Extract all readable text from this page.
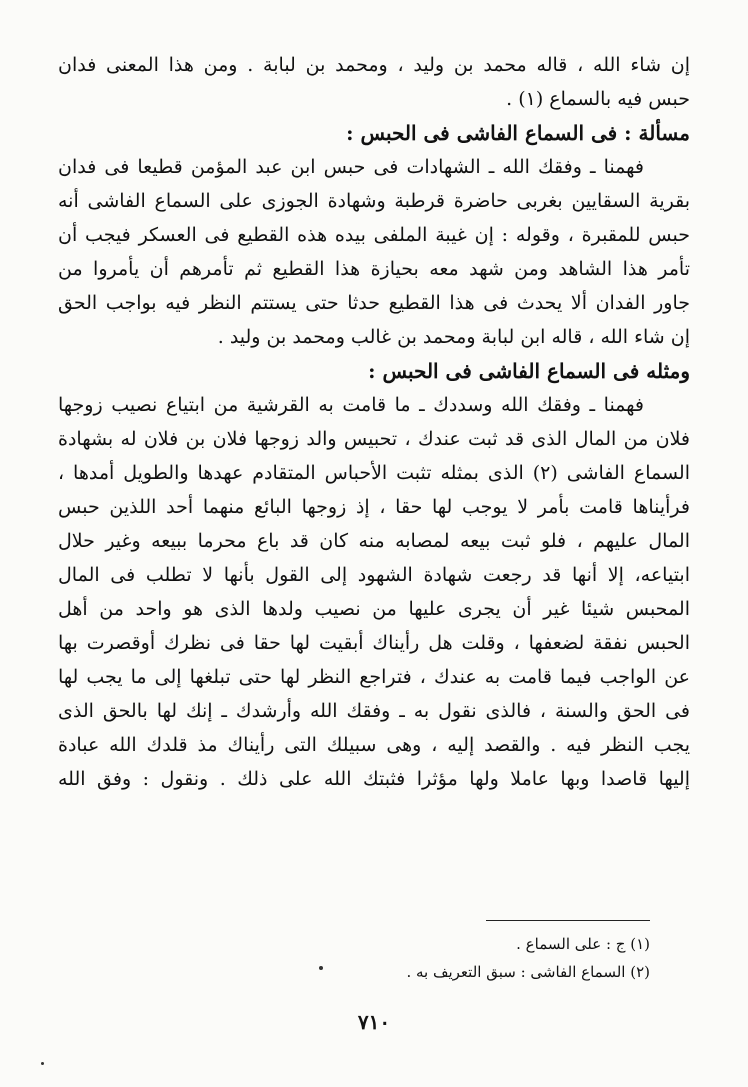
إن شاء الله ، قاله محمد بن وليد ، ومحمد بن لبابة . ومن هذا المعنى فدان
حبس فيه بالسماع (١) .
مسألة : فى السماع الفاشى فى الحبس :
فهمنا ـ وفقك الله ـ الشهادات فى حبس ابن عبد المؤمن قطيعا فى فدان
بقرية السقايين بغربى حاضرة قرطبة وشهادة الجوزى على السماع الفاشى أنه
حبس للمقبرة ، وقوله : إن غيبة الملفى بيده هذه القطيع فى العسكر فيجب أن
تأمر هذا الشاهد ومن شهد معه بحيازة هذا القطيع ثم تأمرهم أن يأمروا من
جاور الفدان ألا يحدث فى هذا القطيع حدثا حتى يستتم النظر فيه بواجب الحق
إن شاء الله ، قاله ابن لبابة ومحمد بن غالب ومحمد بن وليد .
ومثله فى السماع الفاشى فى الحبس :
فهمنا ـ وفقك الله وسددك ـ ما قامت به القرشية من ابتياع نصيب زوجها
فلان من المال الذى قد ثبت عندك ، تحبيس والد زوجها فلان بن فلان له بشهادة
السماع الفاشى (٢) الذى بمثله تثبت الأحباس المتقادم عهدها والطويل أمدها ،
فرأيناها قامت بأمر لا يوجب لها حقا ، إذ زوجها البائع منهما أحد اللذين حبس
المال عليهم ، فلو ثبت بيعه لمصابه منه كان قد باع محرما ببيعه وغير حلال
ابتياعه، إلا أنها قد رجعت شهادة الشهود إلى القول بأنها لا تطلب فى المال
المحبس شيئا غير أن يجرى عليها من نصيب ولدها الذى هو واحد من أهل
الحبس نفقة لضعفها ، وقلت هل رأيناك أبقيت لها حقا فى نظرك أوقصرت بها
عن الواجب فيما قامت به عندك ، فتراجع النظر لها حتى تبلغها إلى ما يجب لها
فى الحق والسنة ، فالذى نقول به ـ وفقك الله وأرشدك ـ إنك لها بالحق الذى
يجب النظر فيه . والقصد إليه ، وهى سبيلك التى رأيناك مذ قلدك الله عبادة
إليها قاصدا وبها عاملا ولها مؤثرا فثبتك الله على ذلك . ونقول : وفق الله
(١) ج : على السماع .
(٢) السماع الفاشى : سبق التعريف به .
٧١٠
